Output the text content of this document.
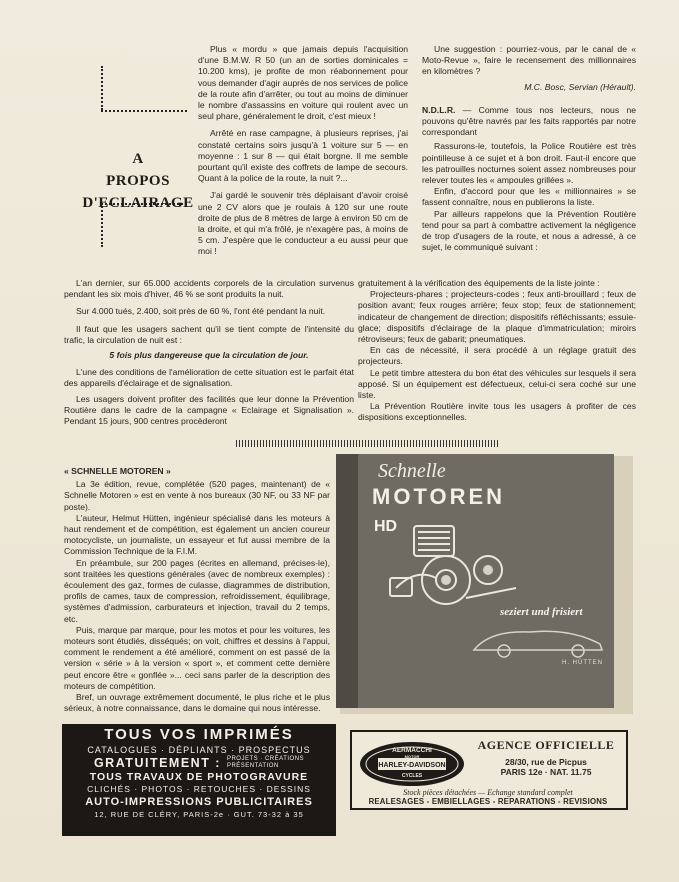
A
PROPOS
D'ECLAIRAGE

Plus « mordu » que jamais depuis l'acquisition d'une B.M.W. R 50 (un an de sorties dominicales = 10.200 kms), je profite de mon réabonnement pour vous demander d'agir auprès de nos services de police de la route afin d'arrêter, ou tout au moins de diminuer le nombre d'assassins en voiture qui roulent avec un seul phare, généralement le droit, c'est mieux !

Arrêté en rase campagne, à plusieurs reprises, j'ai constaté certains soirs jusqu'à 1 voiture sur 5 — en moyenne : 1 sur 8 — qui était borgne. Il me semble pourtant qu'il existe des coffrets de lampe de secours. Quant à la police de la route, la nuit ?...

J'ai gardé le souvenir très déplaisant d'avoir croisé une 2 CV alors que je roulais à 120 sur une route droite de plus de 8 mètres de large à environ 50 cm de la droite, et qui m'a frôlé, je n'exagère pas, à moins de 5 cm. J'espère que le conducteur a eu aussi peur que moi !

Une suggestion : pourriez-vous, par le canal de « Moto-Revue », faire le recensement des millionnaires en kilomètres ?

M.C. Bosc, Servian (Hérault).

N.D.L.R. — Comme tous nos lecteurs, nous ne pouvons qu'être navrés par les faits rapportés par notre correspondant

Rassurons-le, toutefois, la Police Routière est très pointilleuse à ce sujet et à bon droit. Faut-il encore que les patrouilles nocturnes soient assez nombreuses pour relever toutes les « ampoules grillées ».

Enfin, d'accord pour que les « millionnaires » se fassent connaître, nous en publierons la liste.

Par ailleurs rappelons que la Prévention Routière tend pour sa part à combattre activement la négligence de trop d'usagers de la route, et nous a adressé, à ce sujet, le communiqué suivant :

L'an dernier, sur 65.000 accidents corporels de la circulation survenus pendant les six mois d'hiver, 46 % se sont produits la nuit.

Sur 4.000 tués, 2.400, soit près de 60 %, l'ont été pendant la nuit.

Il faut que les usagers sachent qu'il se tient compte de l'intensité du trafic, la circulation de nuit est :

5 fois plus dangereuse que la circulation de jour.

L'une des conditions de l'amélioration de cette situation est le parfait état des appareils d'éclairage et de signalisation.

Les usagers doivent profiter des facilités que leur donne la Prévention Routière dans le cadre de la campagne « Eclairage et Signalisation ». Pendant 15 jours, 900 centres procèderont

gratuitement à la vérification des équipements de la liste jointe :

Projecteurs-phares ; projecteurs-codes ; feux anti-brouillard ; feux de position avant; feux rouges arrière; feux stop; feux de stationnement; indicateur de changement de direction; dispositifs réfléchissants; essuie-glace; dispositifs d'éclairage de la plaque d'immatriculation; miroirs rétroviseurs; feux de gabarit; pneumatiques.

En cas de nécessité, il sera procédé à un réglage gratuit des projecteurs.

Le petit timbre attestera du bon état des véhicules sur lesquels il sera apposé. Si un équipement est défectueux, celui-ci sera coché sur une liste.

La Prévention Routière invite tous les usagers à profiter de ces dispositions exceptionnelles.

« SCHNELLE MOTOREN »

La 3e édition, revue, complétée (520 pages, maintenant) de « Schnelle Motoren » est en vente à nos bureaux (30 NF, ou 33 NF par poste).

L'auteur, Helmut Hütten, ingénieur spécialisé dans les moteurs à haut rendement et de compétition, est également un ancien coureur motocycliste, un journaliste, un essayeur et fut aussi membre de la Commission Technique de la F.I.M.

En préambule, sur 200 pages (écrites en allemand, précises-le), sont traitées les questions générales (avec de nombreux exemples) : écoulement des gaz, formes de culasse, diagrammes de distribution, profils de cames, taux de compression, refroidissement, équilibrage, systèmes d'admission, carburateurs et injection, travail du 2 temps, etc.

Puis, marque par marque, pour les motos et pour les voitures, les moteurs sont étudiés, disséqués; on voit, chiffres et dessins à l'appui, comment le rendement a été amélioré, comment on est passé de la version « série » à la version « sport », et comment cette dernière peut encore être « gonflée »... ceci sans parler de la description des moteurs de compétition.

Bref, un ouvrage extrêmement documenté, le plus riche et le plus sérieux, à notre connaissance, dans le domaine qui nous intéresse.

Schnelle
MOTOREN
HD
seziert und frisiert
H. HÜTTEN
TOUS VOS IMPRIMÉS
CATALOGUES · DÉPLIANTS · PROSPECTUS
GRATUITEMENT : PROJETS · CRÉATIONS
PRÉSENTATION
TOUS TRAVAUX DE PHOTOGRAVURE
CLICHÉS · PHOTOS · RETOUCHES · DESSINS
AUTO-IMPRESSIONS PUBLICITAIRES
12, RUE DE CLÉRY, PARIS-2e · GUT. 73-32 à 35
AERMACCHI
MOTOR
HARLEY-DAVIDSON
CYCLES
AGENCE OFFICIELLE
28/30, rue de Picpus
PARIS 12e · NAT. 11.75
Stock pièces détachées — Echange standard complet
REALESAGES - EMBIELLAGES - REPARATIONS - REVISIONS
